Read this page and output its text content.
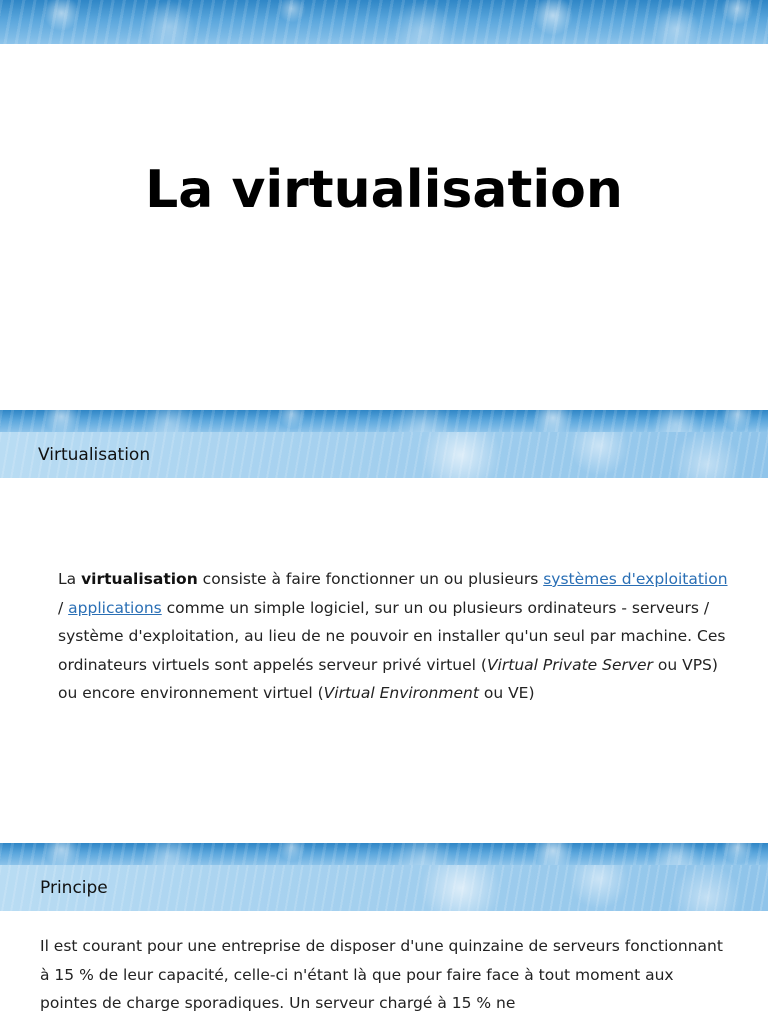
La virtualisation
Virtualisation

La virtualisation consiste à faire fonctionner un ou plusieurs systèmes d'exploitation / applications comme un simple logiciel, sur un ou plusieurs ordinateurs - serveurs / système d'exploitation, au lieu de ne pouvoir en installer qu'un seul par machine. Ces ordinateurs virtuels sont appelés serveur privé virtuel (Virtual Private Server ou VPS) ou encore environnement virtuel (Virtual Environment ou VE)

Principe

Il est courant pour une entreprise de disposer d'une quinzaine de serveurs fonctionnant à 15 % de leur capacité, celle-ci n'étant là que pour faire face à tout moment aux pointes de charge sporadiques. Un serveur chargé à 15 % ne
